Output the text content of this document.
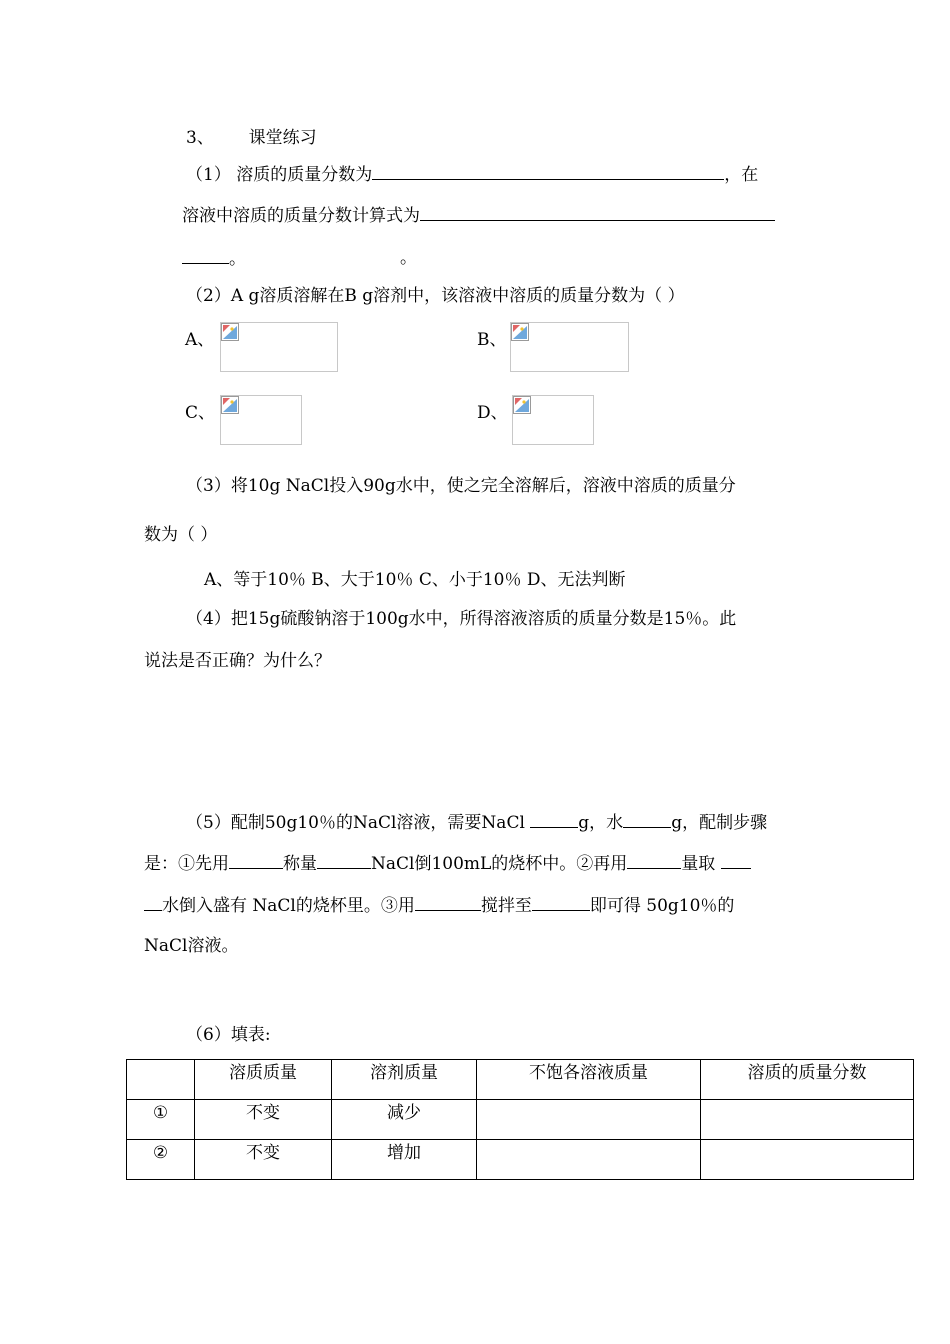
3、 课堂练习
（1） 溶质的质量分数为	，在
溶液中溶质的质量分数计算式为
。	。
（2）A g溶质溶解在B g溶剂中，该溶液中溶质的质量分数为（ ）
A、	B、
C、	D、
（3）将10g NaCl投入90g水中，使之完全溶解后，溶液中溶质的质量分
数为（ ）
A、等于10％ B、大于10％ C、小于10％ D、无法判断
（4）把15g硫酸钠溶于100g水中，所得溶液溶质的质量分数是15％。此
说法是否正确？为什么？
（5）配制50g10％的NaCl溶液，需要NaCl	g，水	g，配制步骤
是：①先用	称量	NaCl倒100mL的烧杯中。②再用	量取
水倒入盛有 NaCl的烧杯里。③用	搅拌至	即可得 50g10％的
NaCl溶液。
（6）填表:
	溶质质量	溶剂质量	不饱各溶液质量	溶质的质量分数
①	不变	减少		
②	不变	增加		
